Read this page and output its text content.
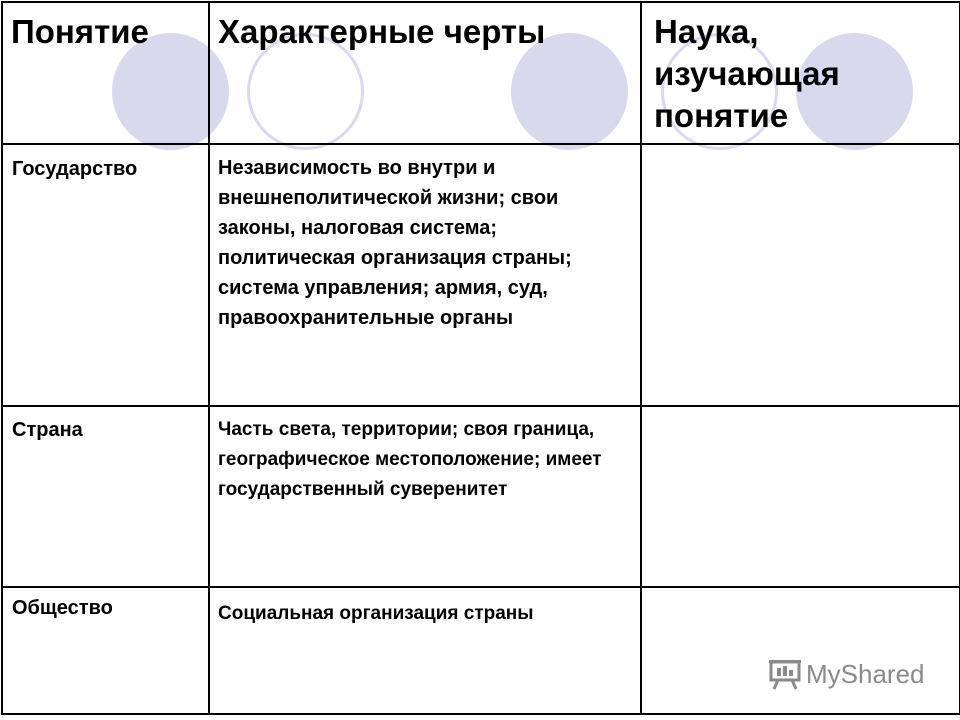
Понятие	Характерные черты	Наука, изучающая понятие
Государство	Независимость во внутри и внешнеполитической жизни; свои законы, налоговая система; политическая организация страны; система управления; армия, суд, правоохранительные органы	
Страна	Часть света, территории; своя граница, географическое местоположение; имеет государственный суверенитет	
Общество	Социальная организация страны	
MyShared
